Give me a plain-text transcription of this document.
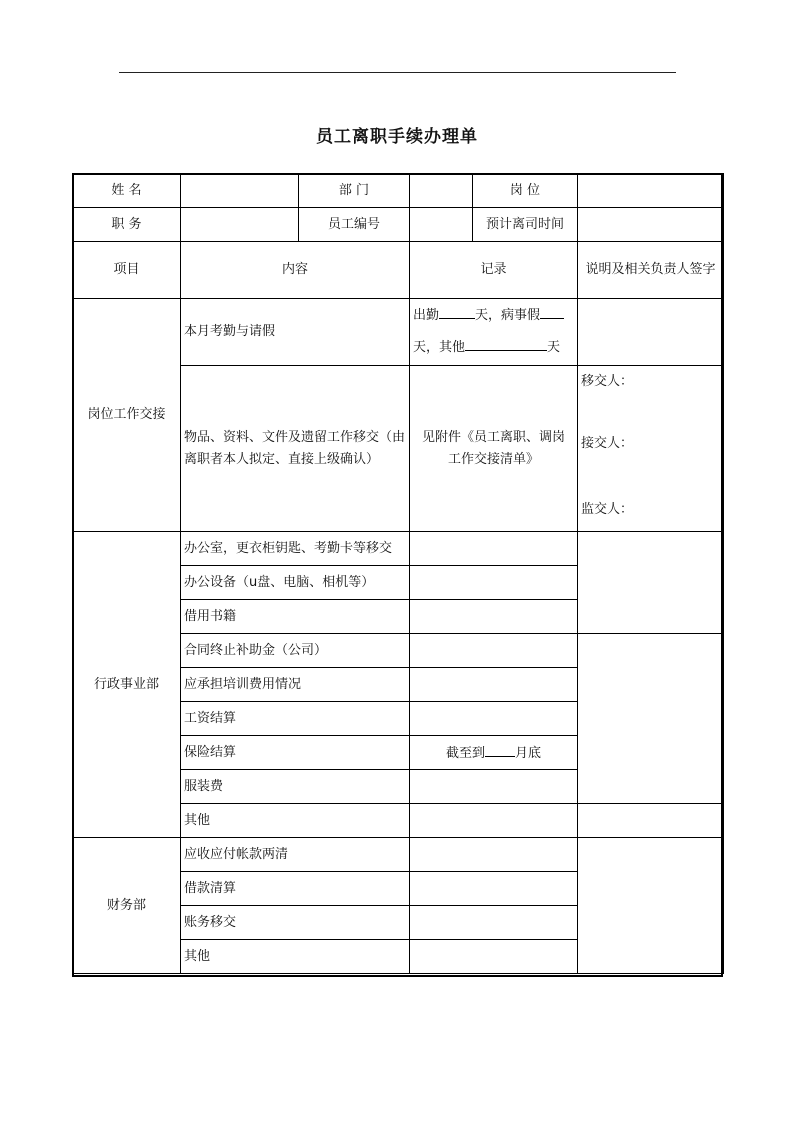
员工离职手续办理单
姓 名		部 门		岗 位	
职 务		员工编号		预计离司时间	
项目	内容		记录		说明及相关负责人签字
岗位工作交接	本月考勤与请假		出勤 天，病事假
天，其他 天		

	物品、资料、文件及遗留工作移交（由离职者本人拟定、直接上级确认）		见附件《员工离职、调岗工作交接清单》		移交人：
接交人：
监交人：

行政事业部	办公室，更衣柜钥匙、考勤卡等移交				
	办公设备（u盘、电脑、相机等）				
	借用书籍				
	合同终止补助金（公司）				
	应承担培训费用情况				
	工资结算				
	保险结算		截至到 月底		
	服装费				
	其他				
财务部	应收应付帐款两清				
	借款清算				
	账务移交				
	其他				
